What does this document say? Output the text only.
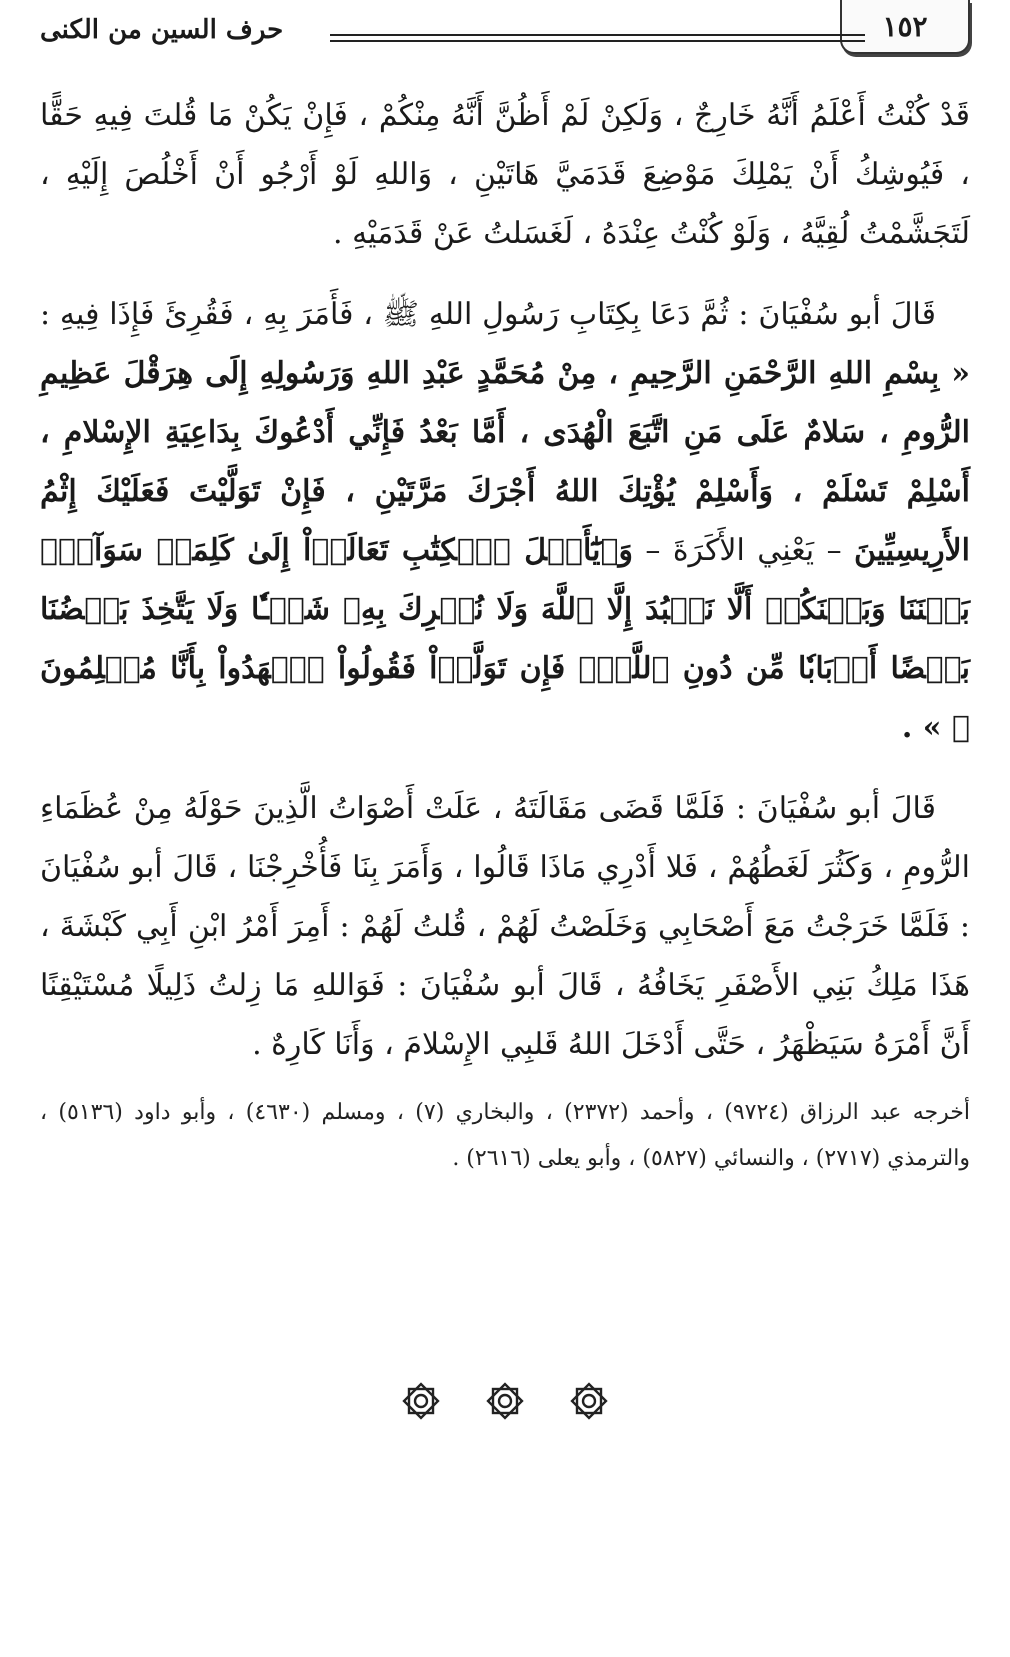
١٥٢
حرف السين من الكنى

قَدْ كُنْتُ أَعْلَمُ أَنَّهُ خَارِجٌ ، وَلَكِنْ لَمْ أَظُنَّ أَنَّهُ مِنْكُمْ ، فَإِنْ يَكُنْ مَا قُلتَ فِيهِ حَقًّا ، فَيُوشِكُ أَنْ يَمْلِكَ مَوْضِعَ قَدَمَيَّ هَاتَيْنِ ، وَاللهِ لَوْ أَرْجُو أَنْ أَخْلُصَ إِلَيْهِ ، لَتَجَشَّمْتُ لُقِيَّهُ ، وَلَوْ كُنْتُ عِنْدَهُ ، لَغَسَلتُ عَنْ قَدَمَيْهِ .

قَالَ أبو سُفْيَانَ : ثُمَّ دَعَا بِكِتَابِ رَسُولِ اللهِ ﷺ ، فَأَمَرَ بِهِ ، فَقُرِئَ فَإِذَا فِيهِ : « بِسْمِ اللهِ الرَّحْمَنِ الرَّحِيمِ ، مِنْ مُحَمَّدٍ عَبْدِ اللهِ وَرَسُولِهِ إِلَى هِرَقْلَ عَظِيمِ الرُّومِ ، سَلامٌ عَلَى مَنِ اتَّبَعَ الْهُدَى ، أَمَّا بَعْدُ فَإِنِّي أَدْعُوكَ بِدَاعِيَةِ الإِسْلامِ ، أَسْلِمْ تَسْلَمْ ، وَأَسْلِمْ يُؤْتِكَ اللهُ أَجْرَكَ مَرَّتَيْنِ ، فَإِنْ تَوَلَّيْتَ فَعَلَيْكَ إِثْمُ الأَرِيسِيِّينَ – يَعْنِي الأَكَرَةَ – وَ﴿يَٰٓأَهۡلَ ٱلۡكِتَٰبِ تَعَالَوۡاْ إِلَىٰ كَلِمَةٖ سَوَآءِۭ بَيۡنَنَا وَبَيۡنَكُمۡ أَلَّا نَعۡبُدَ إِلَّا ٱللَّهَ وَلَا نُشۡرِكَ بِهِۦ شَيۡـٔٗا وَلَا يَتَّخِذَ بَعۡضُنَا بَعۡضًا أَرۡبَابٗا مِّن دُونِ ٱللَّهِۚ فَإِن تَوَلَّوۡاْ فَقُولُواْ ٱشۡهَدُواْ بِأَنَّا مُسۡلِمُونَ ﴾ » .

قَالَ أبو سُفْيَانَ : فَلَمَّا قَضَى مَقَالَتَهُ ، عَلَتْ أَصْوَاتُ الَّذِينَ حَوْلَهُ مِنْ عُظَمَاءِ الرُّومِ ، وَكَثُرَ لَغَطُهُمْ ، فَلا أَدْرِي مَاذَا قَالُوا ، وَأَمَرَ بِنَا فَأُخْرِجْنَا ، قَالَ أبو سُفْيَانَ : فَلَمَّا خَرَجْتُ مَعَ أَصْحَابِي وَخَلَصْتُ لَهُمْ ، قُلتُ لَهُمْ : أَمِرَ أَمْرُ ابْنِ أَبِي كَبْشَةَ ، هَذَا مَلِكُ بَنِي الأَصْفَرِ يَخَافُهُ ، قَالَ أبو سُفْيَانَ : فَوَاللهِ مَا زِلتُ ذَلِيلًا مُسْتَيْقِنًا أَنَّ أَمْرَهُ سَيَظْهَرُ ، حَتَّى أَدْخَلَ اللهُ قَلبِي الإِسْلامَ ، وَأَنَا كَارِهٌ .

أخرجه عبد الرزاق (٩٧٢٤) ، وأحمد (٢٣٧٢) ، والبخاري (٧) ، ومسلم (٤٦٣٠) ، وأبو داود (٥١٣٦) ، والترمذي (٢٧١٧) ، والنسائي (٥٨٢٧) ، وأبو يعلى (٢٦١٦) .
